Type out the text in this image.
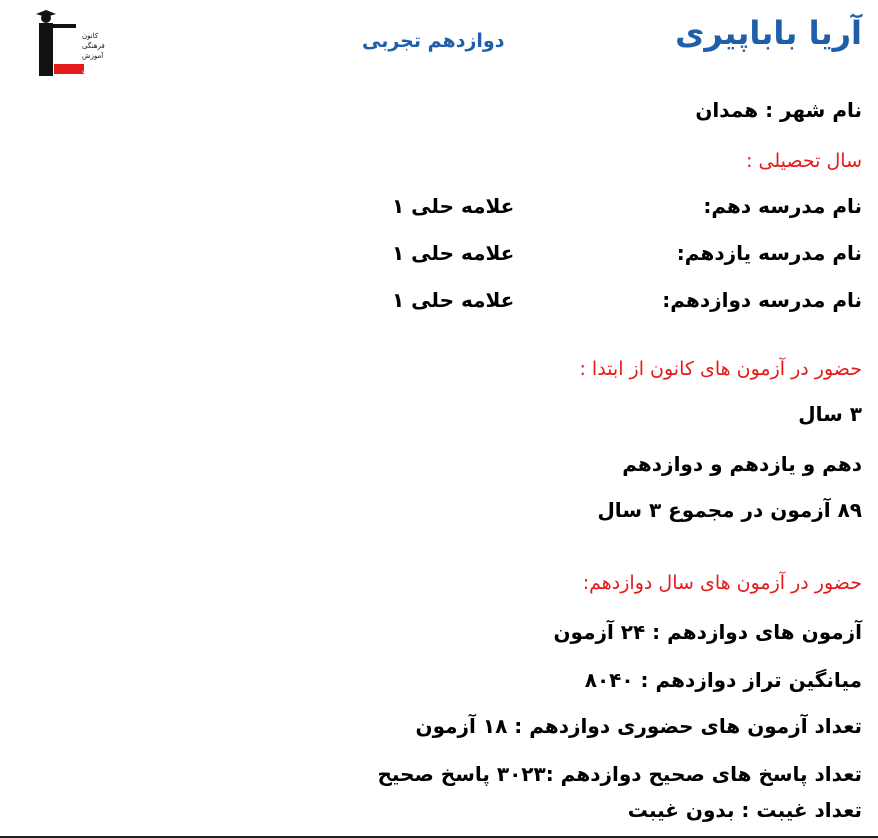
کانون
فرهنگی
آموزش
قلم چی
آریا باباپیری
دوازدهم تجربی
نام شهر : همدان
سال تحصیلی :
نام مدرسه دهم:
علامه حلی ۱
نام مدرسه یازدهم:
علامه حلی ۱
نام مدرسه دوازدهم:
علامه حلی ۱
حضور در آزمون های کانون از ابتدا :
۳ سال
دهم و یازدهم و دوازدهم
۸۹ آزمون در مجموع ۳ سال
حضور در آزمون های سال دوازدهم:
آزمون های دوازدهم : ۲۴ آزمون
میانگین تراز دوازدهم : ۸۰۴۰
تعداد آزمون های حضوری دوازدهم : ۱۸ آزمون
تعداد پاسخ های صحیح دوازدهم :۳۰۲۳ پاسخ صحیح
تعداد غیبت : بدون غیبت
